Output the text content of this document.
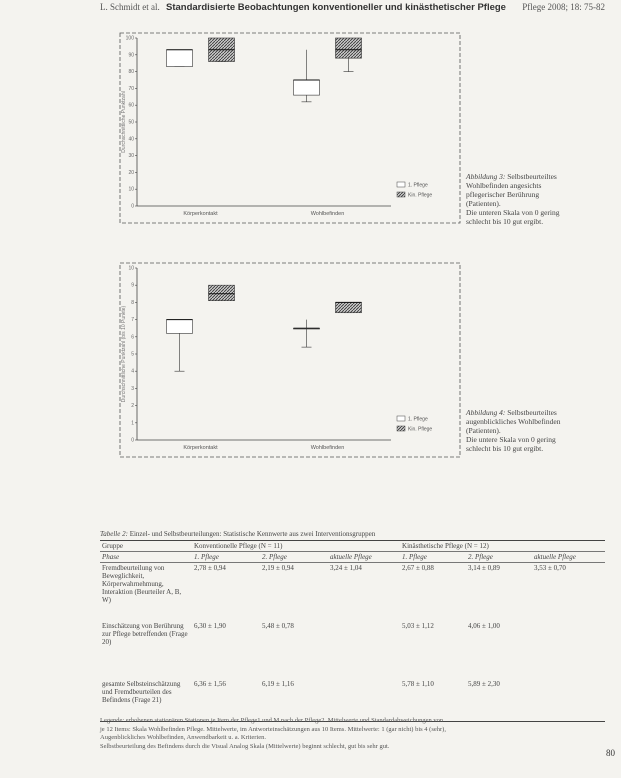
L. Schmidt et al. Standardisierte Beobachtungen konventioneller und kinästhetischer Pflege Pflege 2008; 18: 75-82
0
10
20
30
40
50
60
70
80
90
100
Durchschnittliche Punktzahl
Körperkontakt	Wohlbefinden
1. Pflege
Kin. Pflege
Abbildung 3: Selbstbeurteiltes
Wohlbefinden angesichts
pflegerischer Berührung
(Patienten).
Die unteren Skala von 0 gering
schlecht bis 10 gut ergibt.
0
1
2
3
4
5
6
7
8
9
10
Durchschnittliche Punktzahl (bis 10 Punkte)
Körperkontakt	Wohlbefinden
1. Pflege
Kin. Pflege
Abbildung 4: Selbstbeurteiltes
augenblickliches Wohlbefinden
(Patienten).
Die untere Skala von 0 gering
schlecht bis 10 gut ergibt.
Tabelle 2: Einzel- und Selbstbeurteilungen: Statistische Kennwerte aus zwei Interventionsgruppen
Gruppe	Konventionelle Pflege (N = 11)			Kinästhetische Pflege (N = 12)		
Phase	1. Pflege	2. Pflege	aktuelle Pflege	1. Pflege	2. Pflege	aktuelle Pflege
Fremdbeurteilung von Beweglichkeit, Körperwahrnehmung, Interaktion (Beurteiler A, B, W)	2,78 ± 0,94	2,19 ± 0,94	3,24 ± 1,04	2,67 ± 0,88	3,14 ± 0,89	3,53 ± 0,70
Einschätzung von Berührung zur Pflege betreffenden (Frage 20)	6,30 ± 1,90	5,48 ± 0,78		5,03 ± 1,12	4,06 ± 1,00	
gesamte Selbsteinschätzung und Fremdbeurteilen des Befindens (Frage 21)	6,36 ± 1,56	6,19 ± 1,16		5,78 ± 1,10	5,89 ± 2,30	
Legende: erhobenen stationären Stationen je Item der Pflege1 und M nach der Pflege2. Mittelwerte und Standardabweichungen von
je 12 Items: Skala Wohlbefinden Pflege. Mittelwerte, im Antworteinschätzungen aus 10 Items. Mittelwerte: 1 (gar nicht) bis 4 (sehr),
Augenblickliches Wohlbefinden, Anwendbarkeit u. a. Kriterien.
Selbstbeurteilung des Befindens durch die Visual Analog Skala (Mittelwerte) beginnt schlecht, gut bis sehr gut.
80
